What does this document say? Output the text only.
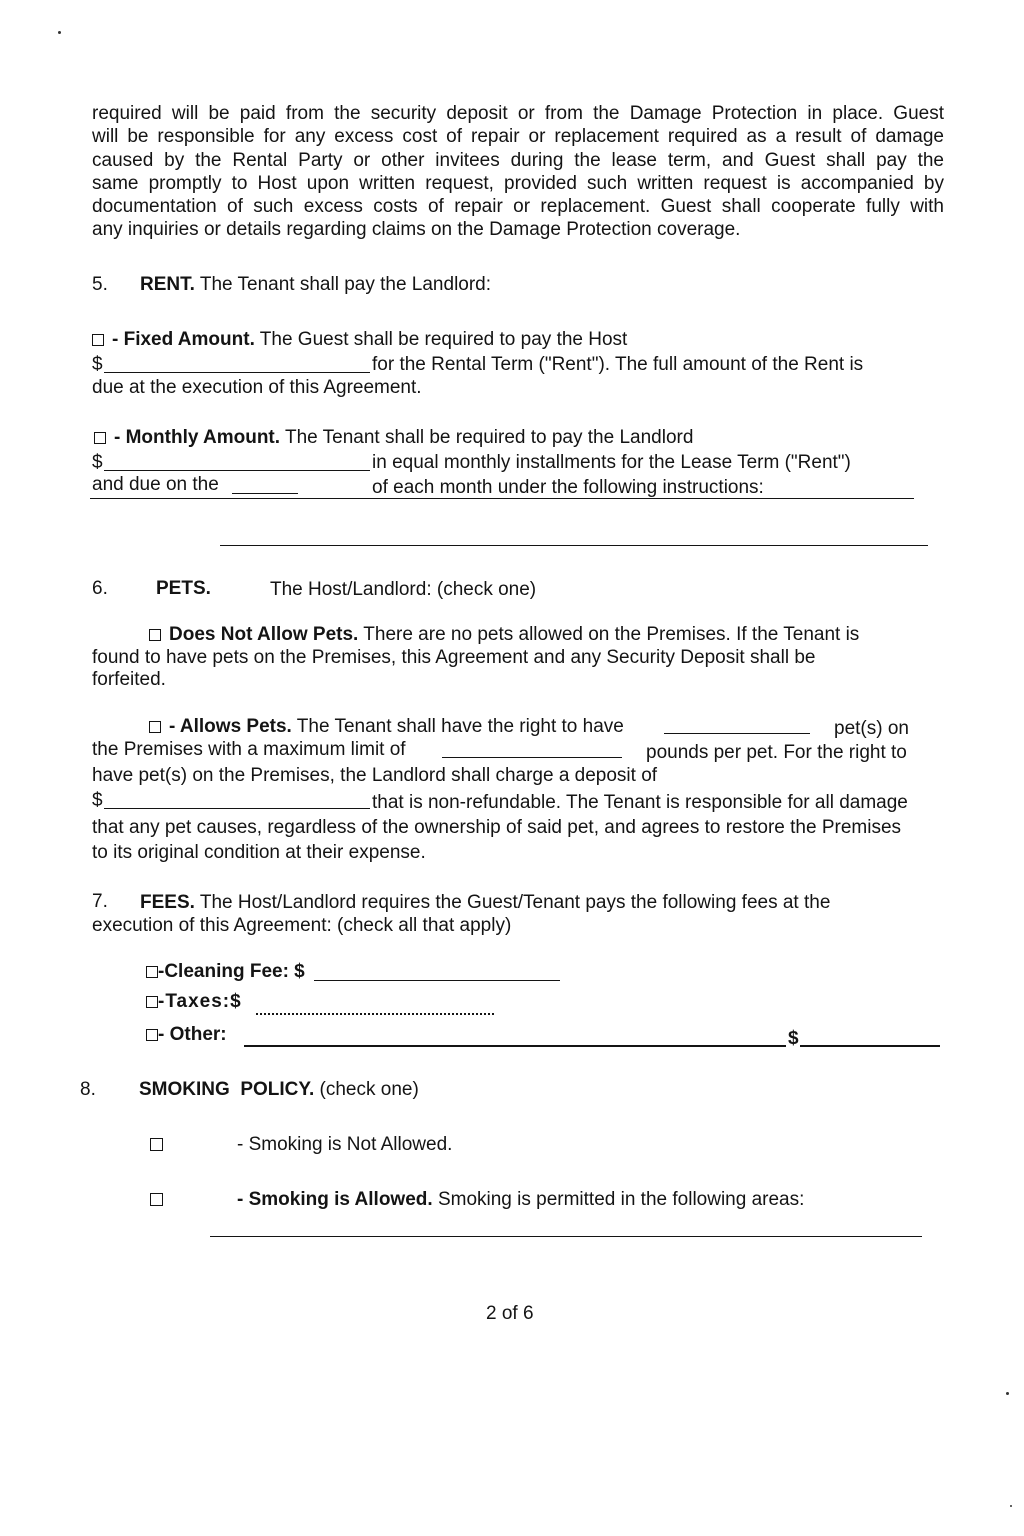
required will be paid from the security deposit or from the Damage Protection in place. Guest
will be responsible for any excess cost of repair or replacement required as a result of damage
caused by the Rental Party or other invitees during the lease term, and Guest shall pay the
same promptly to Host upon written request, provided such written request is accompanied by
documentation of such excess costs of repair or replacement. Guest shall cooperate fully with
any inquiries or details regarding claims on the Damage Protection coverage.
5. RENT. The Tenant shall pay the Landlord:
- Fixed Amount. The Guest shall be required to pay the Host
$	for the Rental Term ("Rent"). The full amount of the Rent is
due at the execution of this Agreement.
- Monthly Amount. The Tenant shall be required to pay the Landlord
$	in equal monthly installments for the Lease Term ("Rent")
and due on the	of each month under the following instructions:
6.	PETS.	The Host/Landlord: (check one)
Does Not Allow Pets. There are no pets allowed on the Premises. If the Tenant is
found to have pets on the Premises, this Agreement and any Security Deposit shall be
forfeited.
- Allows Pets. The Tenant shall have the right to have	pet(s) on
the Premises with a maximum limit of	pounds per pet. For the right to
have pet(s) on the Premises, the Landlord shall charge a deposit of
$	that is non-refundable. The Tenant is responsible for all damage
that any pet causes, regardless of the ownership of said pet, and agrees to restore the Premises
to its original condition at their expense.
7. FEES. The Host/Landlord requires the Guest/Tenant pays the following fees at the
execution of this Agreement: (check all that apply)
-Cleaning Fee: $
-Taxes:$
- Other:	$
8. SMOKING  POLICY. (check one)
- Smoking is Not Allowed.
- Smoking is Allowed. Smoking is permitted in the following areas:
2 of 6
